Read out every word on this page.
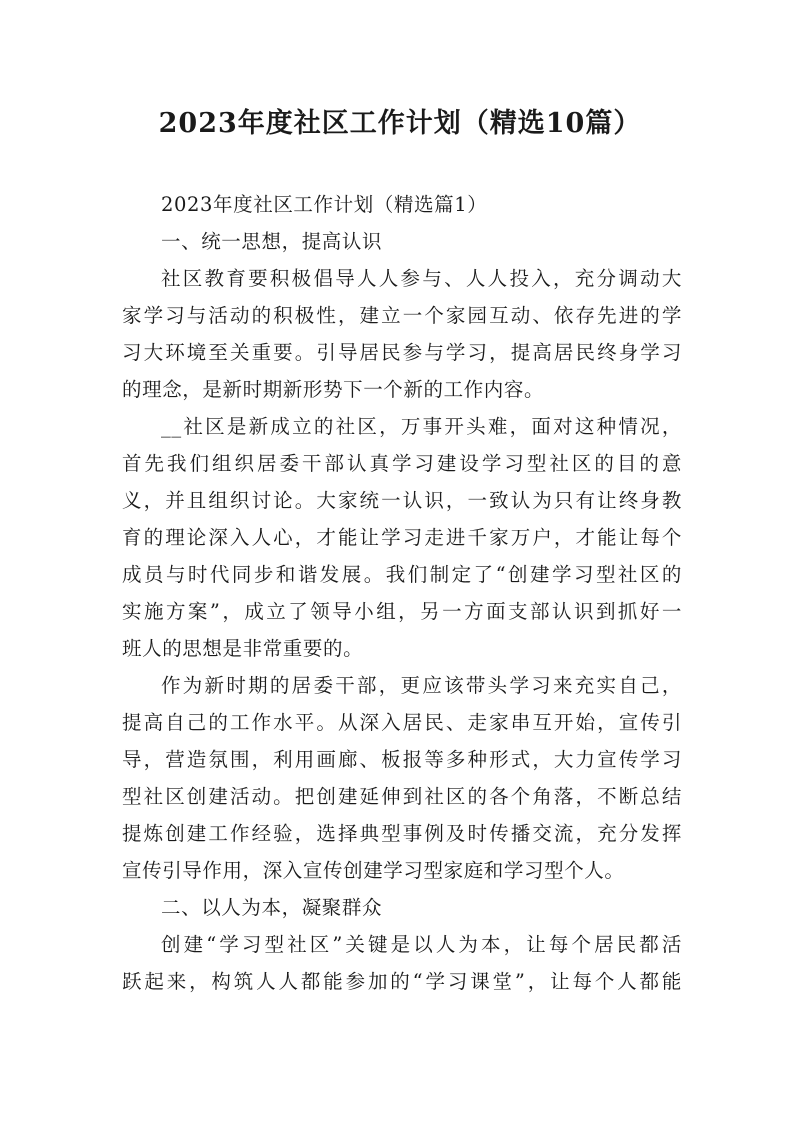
2023年度社区工作计划（精选10篇）
2023年度社区工作计划（精选篇1）
一、统一思想，提高认识
社区教育要积极倡导人人参与、人人投入，充分调动大
家学习与活动的积极性，建立一个家园互动、依存先进的学
习大环境至关重要。引导居民参与学习，提高居民终身学习
的理念，是新时期新形势下一个新的工作内容。
__社区是新成立的社区，万事开头难，面对这种情况，
首先我们组织居委干部认真学习建设学习型社区的目的意
义，并且组织讨论。大家统一认识，一致认为只有让终身教
育的理论深入人心，才能让学习走进千家万户，才能让每个
成员与时代同步和谐发展。我们制定了“创建学习型社区的
实施方案”，成立了领导小组，另一方面支部认识到抓好一
班人的思想是非常重要的。
作为新时期的居委干部，更应该带头学习来充实自己，
提高自己的工作水平。从深入居民、走家串互开始，宣传引
导，营造氛围，利用画廊、板报等多种形式，大力宣传学习
型社区创建活动。把创建延伸到社区的各个角落，不断总结
提炼创建工作经验，选择典型事例及时传播交流，充分发挥
宣传引导作用，深入宣传创建学习型家庭和学习型个人。
二、以人为本，凝聚群众
创建“学习型社区”关键是以人为本，让每个居民都活
跃起来，构筑人人都能参加的“学习课堂”，让每个人都能
